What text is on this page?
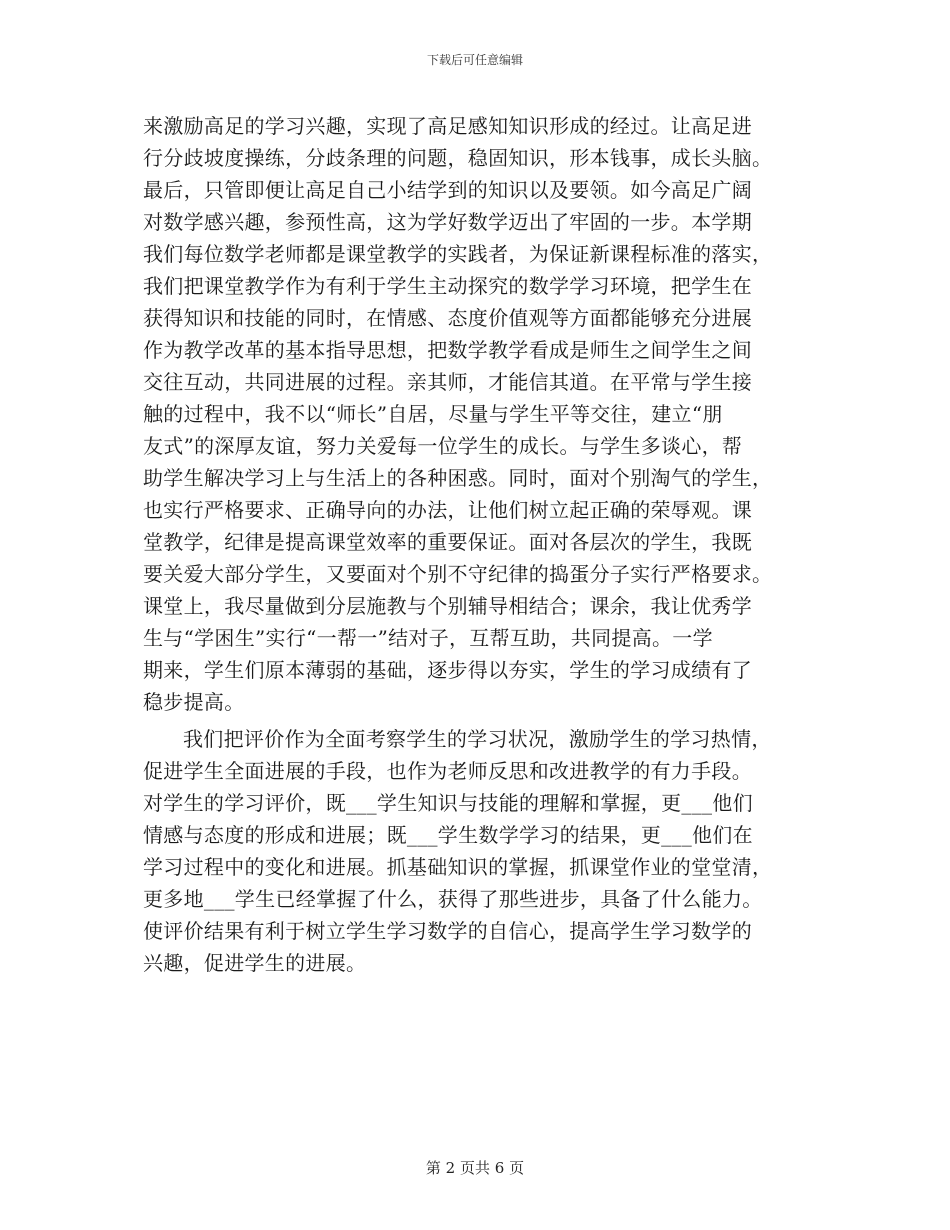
下载后可任意编辑
来激励高足的学习兴趣，实现了高足感知知识形成的经过。让高足进
行分歧坡度操练，分歧条理的问题，稳固知识，形本钱事，成长头脑。
最后，只管即便让高足自己小结学到的知识以及要领。如今高足广阔
对数学感兴趣，参预性高，这为学好数学迈出了牢固的一步。本学期
我们每位数学老师都是课堂教学的实践者，为保证新课程标准的落实，
我们把课堂教学作为有利于学生主动探究的数学学习环境，把学生在
获得知识和技能的同时，在情感、态度价值观等方面都能够充分进展
作为教学改革的基本指导思想，把数学教学看成是师生之间学生之间
交往互动，共同进展的过程。亲其师，才能信其道。在平常与学生接
触的过程中，我不以“师长”自居，尽量与学生平等交往，建立“朋
友式”的深厚友谊，努力关爱每一位学生的成长。与学生多谈心，帮
助学生解决学习上与生活上的各种困惑。同时，面对个别淘气的学生，
也实行严格要求、正确导向的办法，让他们树立起正确的荣辱观。课
堂教学，纪律是提高课堂效率的重要保证。面对各层次的学生，我既
要关爱大部分学生，又要面对个别不守纪律的捣蛋分子实行严格要求。
课堂上，我尽量做到分层施教与个别辅导相结合；课余，我让优秀学
生与“学困生”实行“一帮一”结对子，互帮互助，共同提高。一学
期来，学生们原本薄弱的基础，逐步得以夯实，学生的学习成绩有了
稳步提高。
我们把评价作为全面考察学生的学习状况，激励学生的学习热情，
促进学生全面进展的手段，也作为老师反思和改进教学的有力手段。
对学生的学习评价，既___学生知识与技能的理解和掌握，更___他们
情感与态度的形成和进展；既___学生数学学习的结果，更___他们在
学习过程中的变化和进展。抓基础知识的掌握，抓课堂作业的堂堂清，
更多地___学生已经掌握了什么，获得了那些进步，具备了什么能力。
使评价结果有利于树立学生学习数学的自信心，提高学生学习数学的
兴趣，促进学生的进展。
第 2 页共 6 页
